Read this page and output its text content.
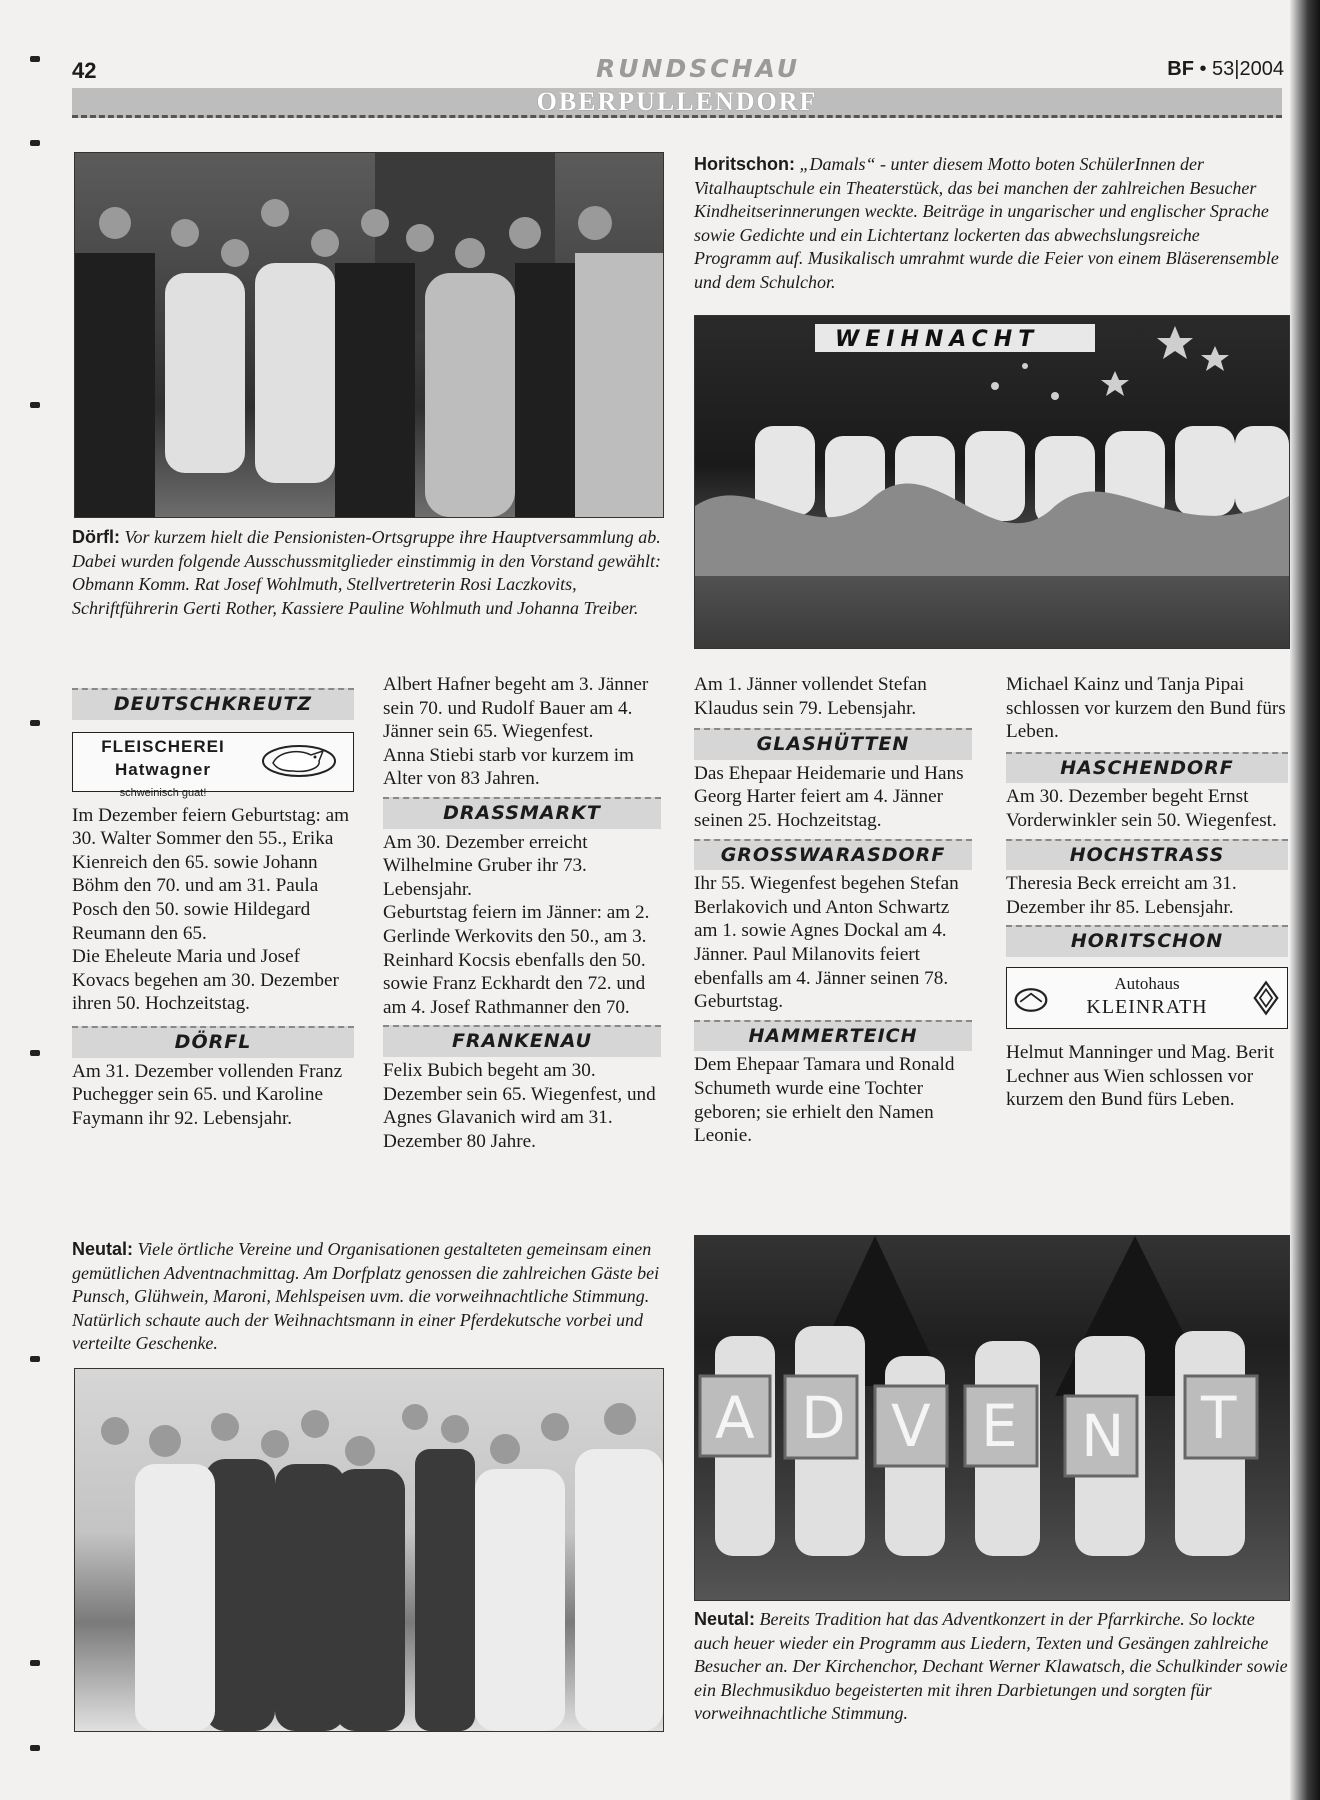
42	RUNDSCHAU	BF • 53|2004
OBERPULLENDORF
Dörfl: Vor kurzem hielt die Pensionisten-Ortsgruppe ihre Hauptversammlung ab. Dabei wurden folgende Ausschussmitglieder einstimmig in den Vorstand gewählt: Obmann Komm. Rat Josef Wohlmuth, Stellvertreterin Rosi Laczkovits, Schriftführerin Gerti Rother, Kassiere Pauline Wohlmuth und Johanna Treiber.
Horitschon: „Damals“ - unter diesem Motto boten SchülerInnen der Vitalhauptschule ein Theaterstück, das bei manchen der zahlreichen Besucher Kindheitserinnerungen weckte. Beiträge in ungarischer und englischer Sprache sowie Gedichte und ein Lichtertanz lockerten das abwechslungsreiche Programm auf. Musikalisch umrahmt wurde die Feier von einem Bläserensemble und dem Schulchor.
WEIHNACHT
DEUTSCHKREUTZ
FLEISCHEREI
Hatwagner
schweinisch guat!

Im Dezember feiern Geburtstag: am 30. Walter Sommer den 55., Erika Kienreich den 65. sowie Johann Böhm den 70. und am 31. Paula Posch den 50. sowie Hildegard Reumann den 65.

Die Eheleute Maria und Josef Kovacs begehen am 30. Dezember ihren 50. Hochzeitstag.

DÖRFL

Am 31. Dezember vollenden Franz Puchegger sein 65. und Karoline Faymann ihr 92. Lebensjahr.

Albert Hafner begeht am 3. Jänner sein 70. und Rudolf Bauer am 4. Jänner sein 65. Wiegenfest.

Anna Stiebi starb vor kurzem im Alter von 83 Jahren.

DRASSMARKT

Am 30. Dezember erreicht Wilhelmine Gruber ihr 73. Lebensjahr.

Geburtstag feiern im Jänner: am 2. Gerlinde Werkovits den 50., am 3. Reinhard Kocsis ebenfalls den 50. sowie Franz Eckhardt den 72. und am 4. Josef Rathmanner den 70.

FRANKENAU

Felix Bubich begeht am 30. Dezember sein 65. Wiegenfest, und Agnes Glavanich wird am 31. Dezember 80 Jahre.

Am 1. Jänner vollendet Stefan Klaudus sein 79. Lebensjahr.

GLASHÜTTEN

Das Ehepaar Heidemarie und Hans Georg Harter feiert am 4. Jänner seinen 25. Hochzeitstag.

GROSSWARASDORF

Ihr 55. Wiegenfest begehen Stefan Berlakovich und Anton Schwartz am 1. sowie Agnes Dockal am 4. Jänner. Paul Milanovits feiert ebenfalls am 4. Jänner seinen 78. Geburtstag.

HAMMERTEICH

Dem Ehepaar Tamara und Ronald Schumeth wurde eine Tochter geboren; sie erhielt den Namen Leonie.

Michael Kainz und Tanja Pipai schlossen vor kurzem den Bund fürs Leben.

HASCHENDORF

Am 30. Dezember begeht Ernst Vorderwinkler sein 50. Wiegenfest.

HOCHSTRASS

Theresia Beck erreicht am 31. Dezember ihr 85. Lebensjahr.

HORITSCHON
Autohaus
KLEINRATH

Helmut Manninger und Mag. Berit Lechner aus Wien schlossen vor kurzem den Bund fürs Leben.

Neutal: Viele örtliche Vereine und Organisationen gestalteten gemeinsam einen gemütlichen Adventnachmittag. Am Dorfplatz genossen die zahlreichen Gäste bei Punsch, Glühwein, Maroni, Mehlspeisen uvm. die vorweihnachtliche Stimmung. Natürlich schaute auch der Weihnachtsmann in einer Pferdekutsche vorbei und verteilte Geschenke.
A D V E N T
Neutal: Bereits Tradition hat das Adventkonzert in der Pfarrkirche. So lockte auch heuer wieder ein Programm aus Liedern, Texten und Gesängen zahlreiche Besucher an. Der Kirchenchor, Dechant Werner Klawatsch, die Schulkinder sowie ein Blechmusikduo begeisterten mit ihren Darbietungen und sorgten für vorweihnachtliche Stimmung.
